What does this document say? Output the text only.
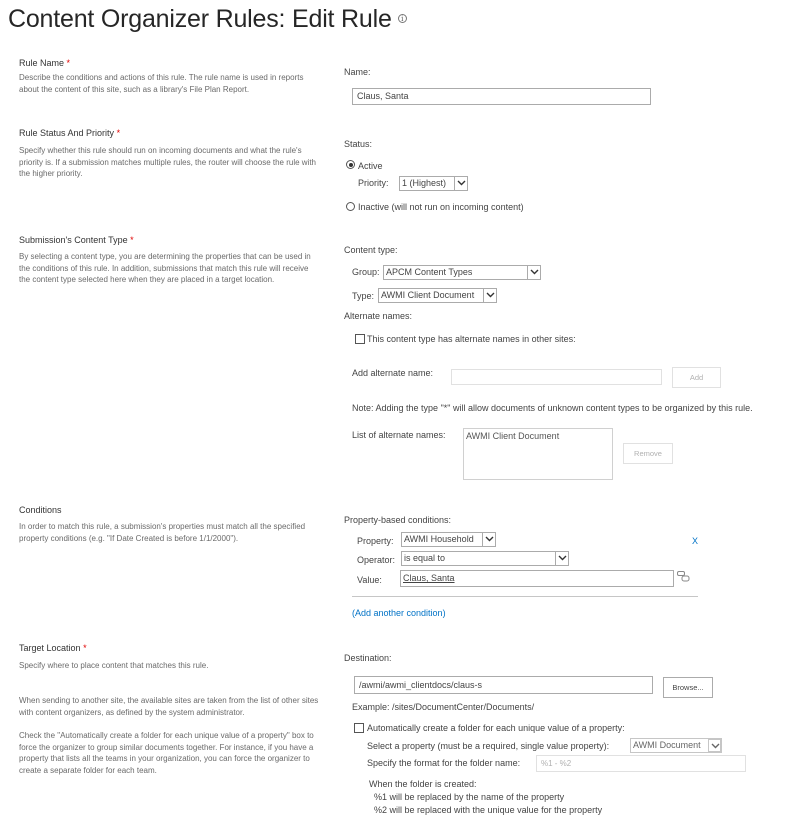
Content Organizer Rules: Edit Rule i
Rule Name *
Describe the conditions and actions of this rule. The rule name is used in reports about the content of this site, such as a library's File Plan Report.
Name:
Claus, Santa
Rule Status And Priority *
Specify whether this rule should run on incoming documents and what the rule's priority is. If a submission matches multiple rules, the router will choose the rule with the higher priority.
Status:
Active
Priority:	1 (Highest)
Inactive (will not run on incoming content)
Submission's Content Type *
By selecting a content type, you are determining the properties that can be used in the conditions of this rule. In addition, submissions that match this rule will receive the content type selected here when they are placed in a target location.
Content type:
Group: APCM Content Types
Type: AWMI Client Document
Alternate names:
This content type has alternate names in other sites:
Add alternate name:	Add
Note: Adding the type "*" will allow documents of unknown content types to be organized by this rule.
List of alternate names: AWMI Client Document
Remove
Conditions
In order to match this rule, a submission's properties must match all the specified property conditions (e.g. "If Date Created is before 1/1/2000").
Property-based conditions:
Property:	AWMI Household	X
Operator: is equal to
Value:	Claus, Santa
(Add another condition)
Target Location *
Specify where to place content that matches this rule.
When sending to another site, the available sites are taken from the list of other sites with content organizers, as defined by the system administrator.
Check the "Automatically create a folder for each unique value of a property" box to force the organizer to group similar documents together. For instance, if you have a property that lists all the teams in your organization, you can force the organizer to create a separate folder for each team.
Destination:
/awmi/awmi_clientdocs/claus-s	Browse...
Example: /sites/DocumentCenter/Documents/
Automatically create a folder for each unique value of a property:
Select a property (must be a required, single value property):	AWMI Document
Specify the format for the folder name:	%1 - %2
When the folder is created:
%1 will be replaced by the name of the property
%2 will be replaced with the unique value for the property
